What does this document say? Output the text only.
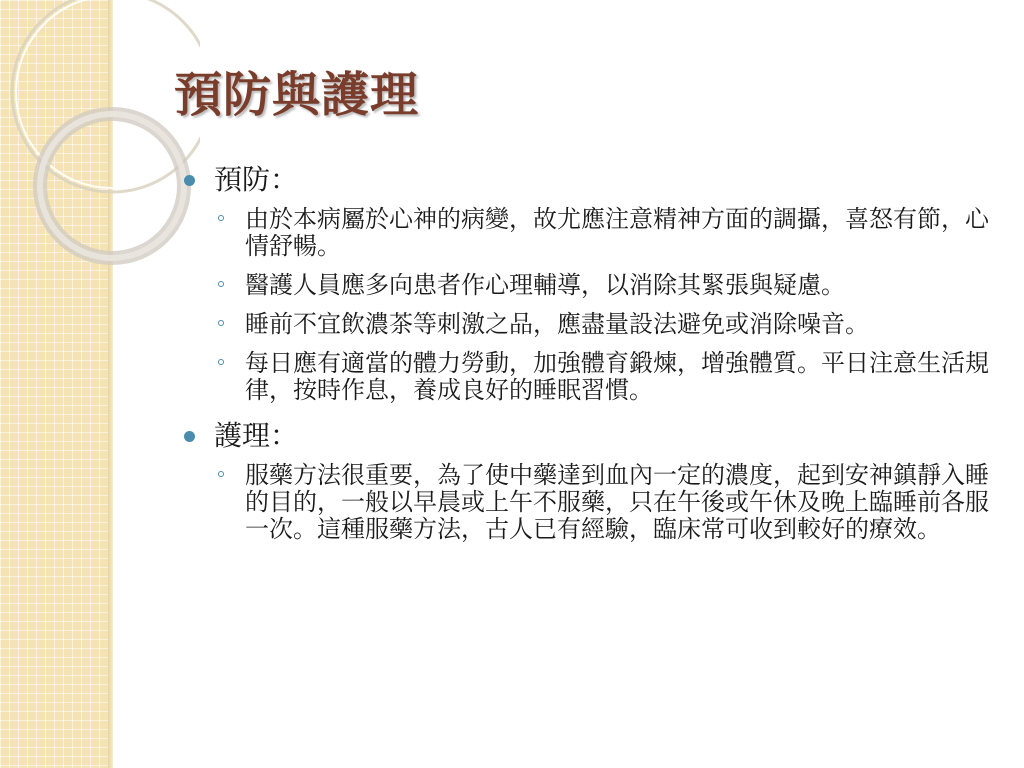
預防與護理
預防：
由於本病屬於心神的病變，故尤應注意精神方面的調攝，喜怒有節，心情舒暢。
醫護人員應多向患者作心理輔導，以消除其緊張與疑慮。
睡前不宜飲濃茶等刺激之品，應盡量設法避免或消除噪音。
每日應有適當的體力勞動，加強體育鍛煉，增強體質。平日注意生活規律，按時作息，養成良好的睡眠習慣。
護理：
服藥方法很重要，為了使中藥達到血內一定的濃度，起到安神鎮靜入睡的目的，一般以早晨或上午不服藥，只在午後或午休及晚上臨睡前各服一次。這種服藥方法，古人已有經驗，臨床常可收到較好的療效。
